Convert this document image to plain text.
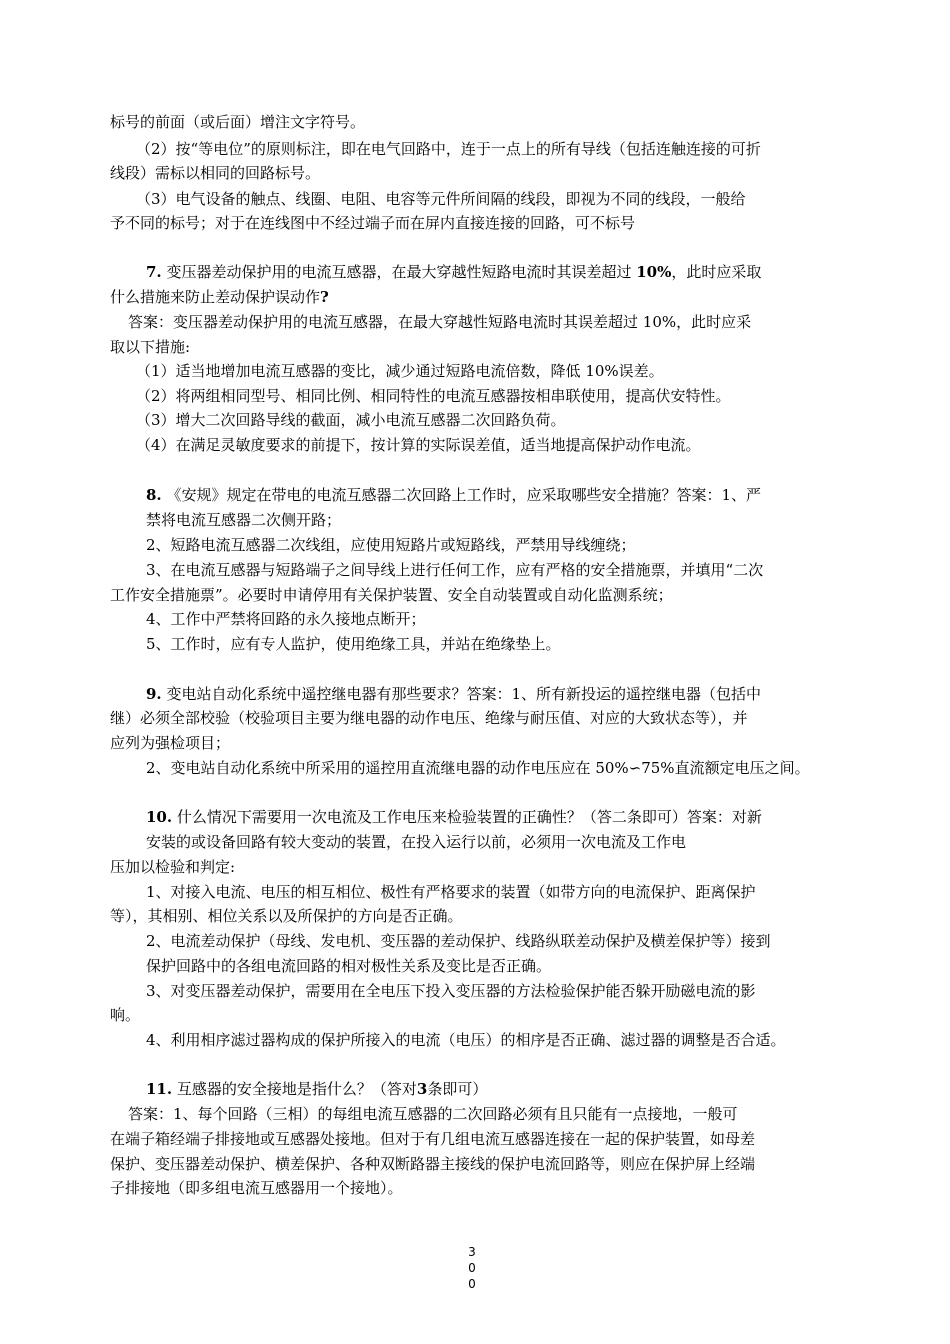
标号的前面（或后面）增注文字符号。
（2）按“等电位”的原则标注，即在电气回路中，连于一点上的所有导线（包括连触连接的可折
线段）需标以相同的回路标号。
（3）电气设备的触点、线圈、电阻、电容等元件所间隔的线段，即视为不同的线段，一般给
予不同的标号；对于在连线图中不经过端子而在屏内直接连接的回路，可不标号
7. 变压器差动保护用的电流互感器，在最大穿越性短路电流时其误差超过 10%，此时应采取
什么措施来防止差动保护误动作?
答案：变压器差动保护用的电流互感器，在最大穿越性短路电流时其误差超过 10%，此时应采
取以下措施:
（1）适当地增加电流互感器的变比，减少通过短路电流倍数，降低 10%误差。
（2）将两组相同型号、相同比例、相同特性的电流互感器按相串联使用，提高伏安特性。
（3）增大二次回路导线的截面，减小电流互感器二次回路负荷。
（4）在满足灵敏度要求的前提下，按计算的实际误差值，适当地提高保护动作电流。
8. 《安规》规定在带电的电流互感器二次回路上工作时，应采取哪些安全措施？答案：1、严
禁将电流互感器二次侧开路；
2、短路电流互感器二次线组，应使用短路片或短路线，严禁用导线缠绕；
3、在电流互感器与短路端子之间导线上进行任何工作，应有严格的安全措施票，并填用“二次
工作安全措施票”。必要时申请停用有关保护装置、安全自动装置或自动化监测系统；
4、工作中严禁将回路的永久接地点断开；
5、工作时，应有专人监护，使用绝缘工具，并站在绝缘垫上。
9. 变电站自动化系统中遥控继电器有那些要求？答案：1、所有新投运的遥控继电器（包括中
继）必须全部校验（校验项目主要为继电器的动作电压、绝缘与耐压值、对应的大致状态等），并
应列为强检项目；
2、变电站自动化系统中所采用的遥控用直流继电器的动作电压应在 50%∽75%直流额定电压之间。
10. 什么情况下需要用一次电流及工作电压来检验装置的正确性？（答二条即可）答案：对新
安装的或设备回路有较大变动的装置，在投入运行以前，必须用一次电流及工作电
压加以检验和判定:
1、对接入电流、电压的相互相位、极性有严格要求的装置（如带方向的电流保护、距离保护
等），其相别、相位关系以及所保护的方向是否正确。
2、电流差动保护（母线、发电机、变压器的差动保护、线路纵联差动保护及横差保护等）接到
保护回路中的各组电流回路的相对极性关系及变比是否正确。
3、对变压器差动保护，需要用在全电压下投入变压器的方法检验保护能否躲开励磁电流的影
响。
4、利用相序滤过器构成的保护所接入的电流（电压）的相序是否正确、滤过器的调整是否合适。
11. 互感器的安全接地是指什么？（答对3条即可）
答案：1、每个回路（三相）的每组电流互感器的二次回路必须有且只能有一点接地，一般可
在端子箱经端子排接地或互感器处接地。但对于有几组电流互感器连接在一起的保护装置，如母差
保护、变压器差动保护、横差保护、各种双断路器主接线的保护电流回路等，则应在保护屏上经端
子排接地（即多组电流互感器用一个接地）。
3
0
0
